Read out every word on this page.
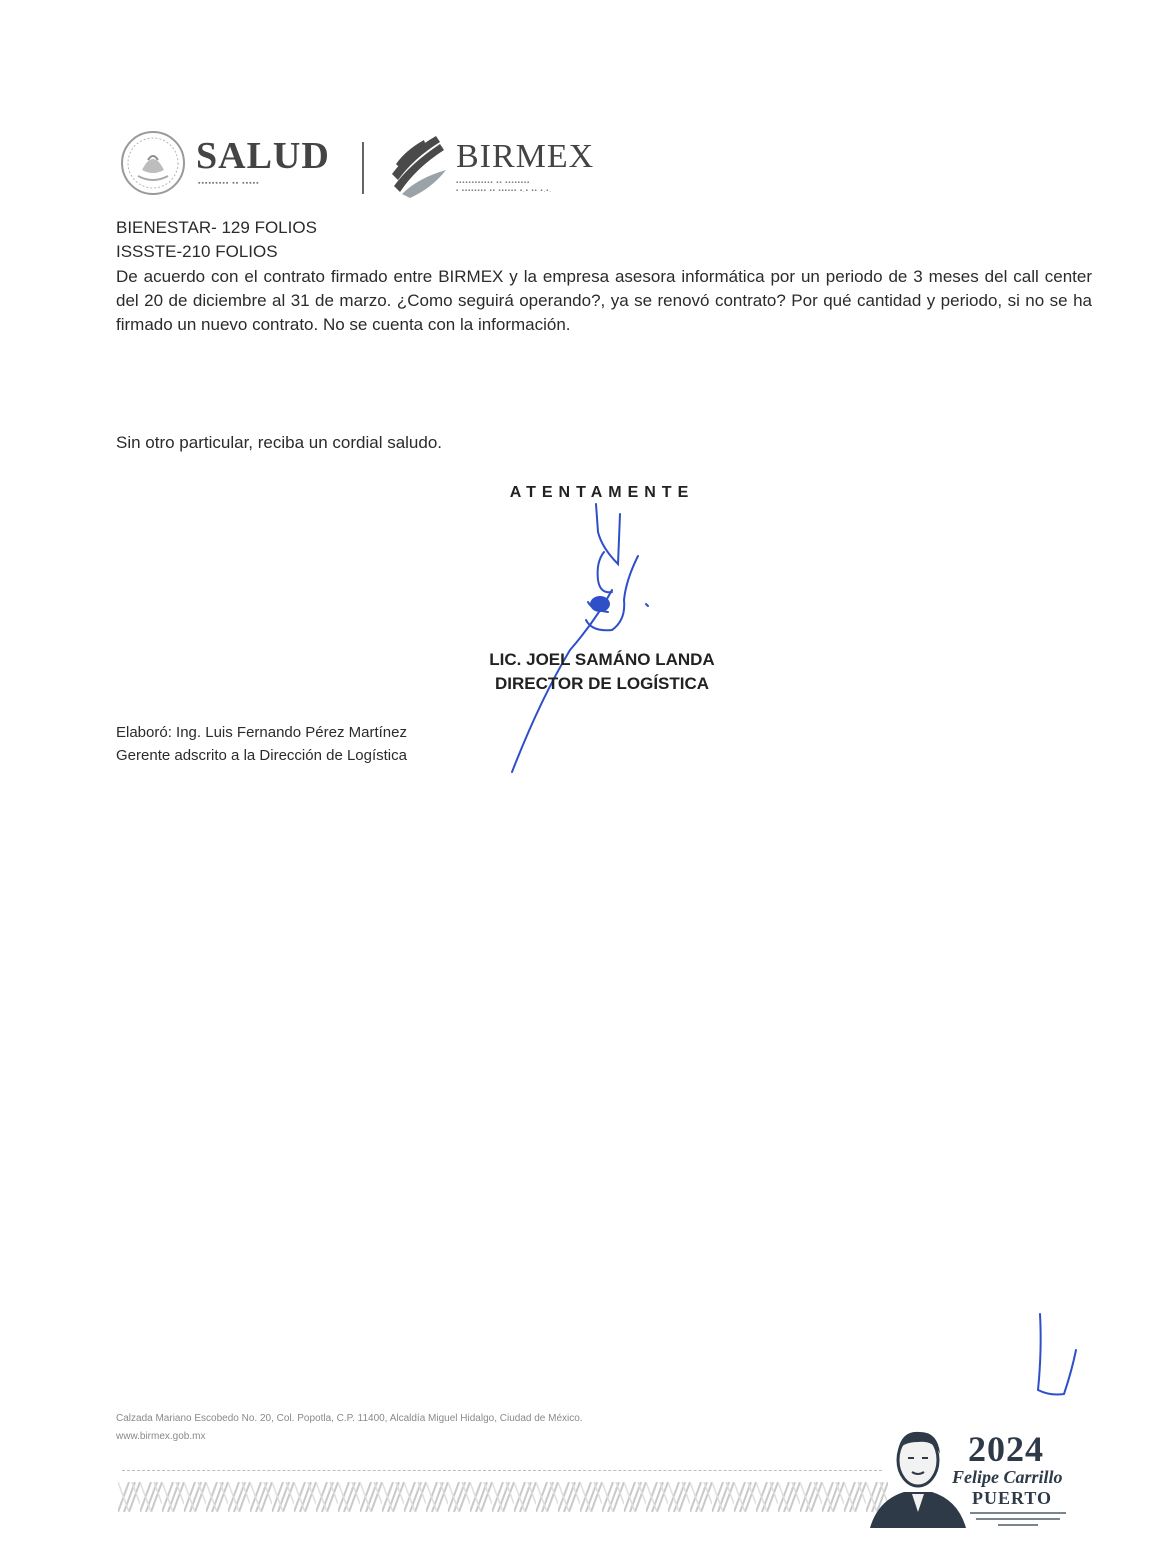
SALUD
▪▪▪▪▪▪▪▪▪ ▪▪ ▪▪▪▪▪
BIRMEX
▪▪▪▪▪▪▪▪▪▪▪▪ ▪▪ ▪▪▪▪▪▪▪▪
▪ ▪▪▪▪▪▪▪▪ ▪▪ ▪▪▪▪▪▪ ▪.▪ ▪▪ ▪.▪.
BIENESTAR- 129 FOLIOS
ISSSTE-210 FOLIOS
De acuerdo con el contrato firmado entre BIRMEX y la empresa asesora informática por un periodo de 3 meses del call center del 20 de diciembre al 31 de marzo. ¿Como seguirá operando?, ya se renovó contrato? Por qué cantidad y periodo, si no se ha firmado un nuevo contrato. No se cuenta con la información.
Sin otro particular, reciba un cordial saludo.
ATENTAMENTE
LIC. JOEL SAMÁNO LANDA
DIRECTOR DE LOGÍSTICA
Elaboró: Ing. Luis Fernando Pérez Martínez
Gerente adscrito a la Dirección de Logística
Calzada Mariano Escobedo No. 20, Col. Popotla, C.P. 11400, Alcaldía Miguel Hidalgo, Ciudad de México.
www.birmex.gob.mx	2024
Felipe Carrillo
PUERTO
